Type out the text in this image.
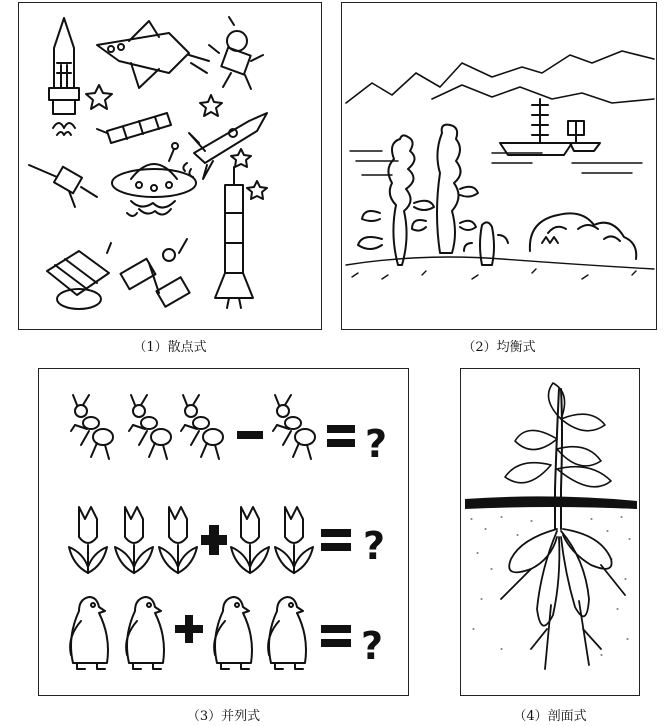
（1）散点式	（2）均衡式
?
?
?
（3）并列式	（4）剖面式
